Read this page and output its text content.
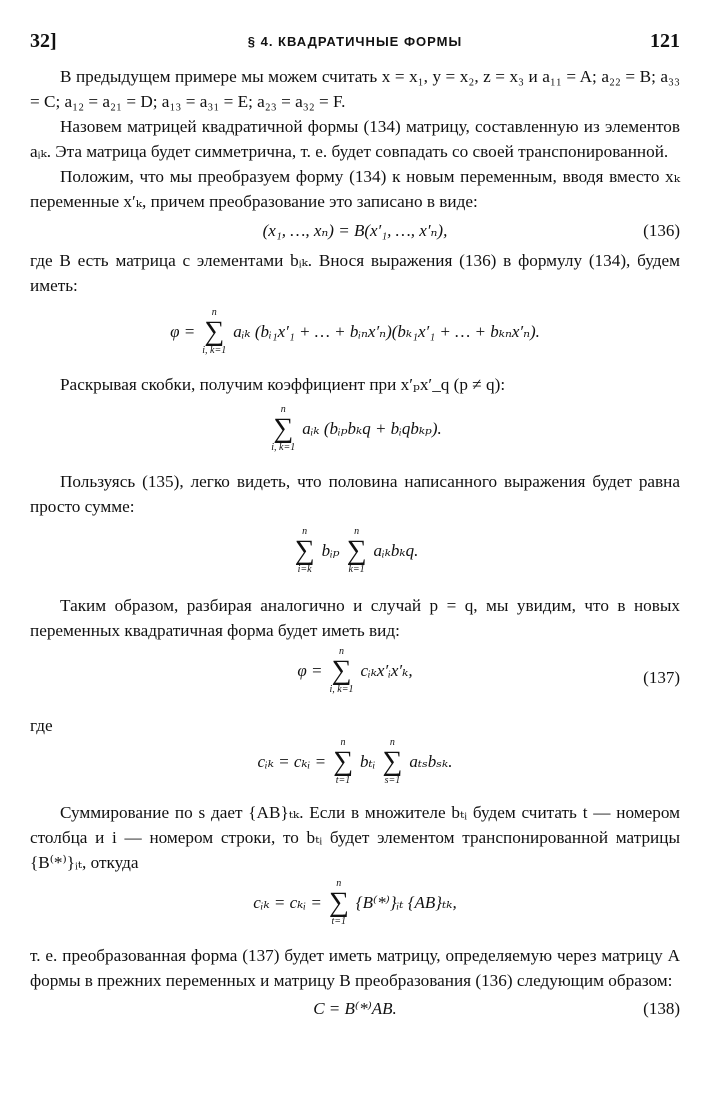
32]	§ 4. КВАДРАТИЧНЫЕ ФОРМЫ	121

В предыдущем примере мы можем считать x = x₁, y = x₂, z = x₃ и a₁₁ = A; a₂₂ = B; a₃₃ = C; a₁₂ = a₂₁ = D; a₁₃ = a₃₁ = E; a₂₃ = a₃₂ = F.

Назовем матрицей квадратичной формы (134) матрицу, составленную из элементов aᵢₖ. Эта матрица будет симметрична, т. е. будет совпадать со своей транспонированной.

Положим, что мы преобразуем форму (134) к новым переменным, вводя вместо xₖ переменные x′ₖ, причем преобразование это записано в виде:

(x₁, …, xₙ) = B(x′₁, …, x′ₙ),	(136)

где B есть матрица с элементами bᵢₖ. Внося выражения (136) в формулу (134), будем иметь:

φ =
n
∑
i, k=1
aᵢₖ (bᵢ₁x′₁ + … + bᵢₙx′ₙ)(bₖ₁x′₁ + … + bₖₙx′ₙ).

Раскрывая скобки, получим коэффициент при x′ₚx′_q (p ≠ q):

n
∑
i, k=1
aᵢₖ (bᵢₚbₖq + bᵢqbₖₚ).

Пользуясь (135), легко видеть, что половина написанного выражения будет равна просто сумме:

n
∑
i=k
bᵢₚ
n
∑
k=1
aᵢₖbₖq.

Таким образом, разбирая аналогично и случай p = q, мы увидим, что в новых переменных квадратичная форма будет иметь вид:

φ =
n
∑
i, k=1
cᵢₖx′ᵢx′ₖ,	(137)

где

cᵢₖ = cₖᵢ =
n
∑
t=1
bₜᵢ
n
∑
s=1
aₜₛbₛₖ.

Суммирование по s дает {AB}ₜₖ. Если в множителе bₜᵢ будем считать t — номером столбца и i — номером строки, то bₜᵢ будет элементом транспонированной матрицы {B⁽*⁾}ᵢₜ, откуда

cᵢₖ = cₖᵢ =
n
∑
t=1
{B⁽*⁾}ᵢₜ {AB}ₜₖ,

т. е. преобразованная форма (137) будет иметь матрицу, определяемую через матрицу A формы в прежних переменных и матрицу B преобразования (136) следующим образом:

C = B⁽*⁾AB.	(138)
